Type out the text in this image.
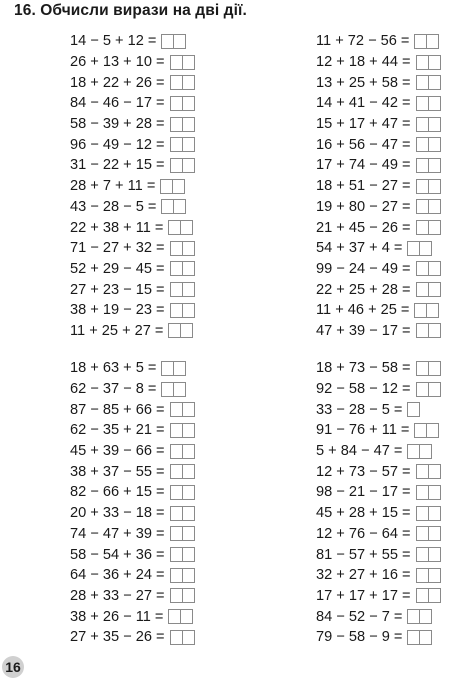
16. Обчисли вирази на дві дії.
14 − 5 + 12 =
26 + 13 + 10 =
18 + 22 + 26 =
84 − 46 − 17 =
58 − 39 + 28 =
96 − 49 − 12 =
31 − 22 + 15 =
28 + 7 + 11 =
43 − 28 − 5 =
22 + 38 + 11 =
71 − 27 + 32 =
52 + 29 − 45 =
27 + 23 − 15 =
38 + 19 − 23 =
11 + 25 + 27 =
11 + 72 − 56 =
12 + 18 + 44 =
13 + 25 + 58 =
14 + 41 − 42 =
15 + 17 + 47 =
16 + 56 − 47 =
17 + 74 − 49 =
18 + 51 − 27 =
19 + 80 − 27 =
21 + 45 − 26 =
54 + 37 + 4 =
99 − 24 − 49 =
22 + 25 + 28 =
11 + 46 + 25 =
47 + 39 − 17 =
18 + 63 + 5 =
62 − 37 − 8 =
87 − 85 + 66 =
62 − 35 + 21 =
45 + 39 − 66 =
38 + 37 − 55 =
82 − 66 + 15 =
20 + 33 − 18 =
74 − 47 + 39 =
58 − 54 + 36 =
64 − 36 + 24 =
28 + 33 − 27 =
38 + 26 − 11 =
27 + 35 − 26 =
18 + 73 − 58 =
92 − 58 − 12 =
33 − 28 − 5 =
91 − 76 + 11 =
5 + 84 − 47 =
12 + 73 − 57 =
98 − 21 − 17 =
45 + 28 + 15 =
12 + 76 − 64 =
81 − 57 + 55 =
32 + 27 + 16 =
17 + 17 + 17 =
84 − 52 − 7 =
79 − 58 − 9 =
16
